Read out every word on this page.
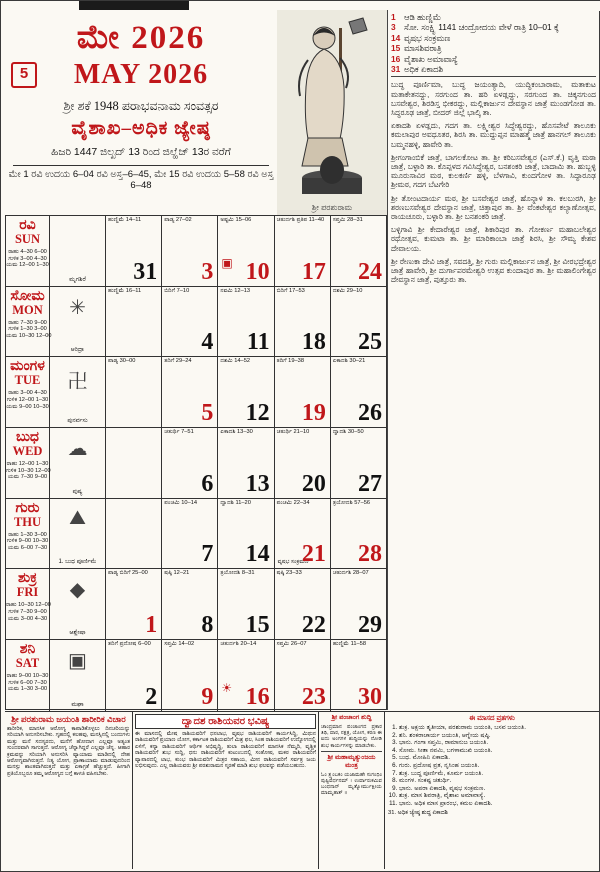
5
ಮೇ 2026
MAY 2026
ಶ್ರೀ ಶಕೆ 1948 ಪರಾಭವನಾಮ ಸಂವತ್ಸರ
ವೈಶಾಖ–ಅಧಿಕ ಜ್ಯೇಷ್ಠ
ಹಿಜರಿ 1447 ಜಿಲ್ಖದ್ 13 ರಿಂದ ಜಿಲ್ಹೆಜ್ 13ರ ವರೆಗೆ
ಮೇ 1 ರವಿ ಉದಯ 6–04 ರವಿ ಅಸ್ತ–6–45, ಮೇ 15 ರವಿ ಉದಯ 5–58 ರವಿ ಅಸ್ತ 6–48
ಶ್ರೀ ಪರಶುರಾಮ
1 ಆಡಿ ಹುಣ್ಣಿಮೆ
3 ಸೋ. ಸಂಕ್ಷ್ಟಿ 1141 ಚಂದ್ರೋದಯ ವೇಳೆ ರಾತ್ರಿ 10–01 ಕ್ಕೆ
14 ವೃಷಭ ಸಂಕ್ರಮಣ
15 ಮಾಸಶಿವರಾತ್ರಿ
16 ವೈಶಾಖ ಅಮಾವಾಸ್ಯೆ
31 ಅಧಿಕ ಏಕಾದಶಿ

ಬುದ್ಧ ಪೂರ್ಣಿಮಾ, ಬುದ್ಧ ಜಯಂತ್ಯಾದಿ, ಯುದ್ಧಿಕಂಬಾರಾಮ, ಮತಾಕುಟ ಮತಾಕೇತನದ್ದು, ಸರಗುಂದ ತಾ. ಹರಿ ಏಳಡ್ಲದ್ದು, ಸರಗುಂದ ತಾ. ಚಿಕ್ಕನಗುಂದ ಬಸವೇಶ್ವರ, ಶಿರಡಿಸ್ತ ಭೀಕರದ್ದು, ಮಲ್ಲಿಕಾರ್ಜುನ ದೇವಸ್ಥಾನ ಜಾತ್ರೆ ಮುಂಡಗೋಡ ತಾ. ಸಿದ್ಧರೂಢ ಜಾತ್ರೆ, ಬೀದರ್ ಜಿಲ್ಲೆ ಭಾಲ್ಕಿ ತಾ.

ಏಕಾದಶಿ ಏಳಡ್ಲದು, ಗದಗ ತಾ. ಲಕ್ಷ್ಮೀಶ್ವರ ಸಿದ್ಧೇಶ್ವರದ್ದು, ಹೊಸಪೇಟೆ ತಾಲೂಕು ಕಮಲಾಪುರ ಅವಧೂತರ, ಶಿರಸಿ ತಾ. ಮುದ್ದುಪ್ಪನ ಮಾಹತ್ಮೆ ಜಾತ್ರೆ ಹಾನಗಲ್ ತಾಲೂಕು ಬಮ್ಮನಹಳ್ಳಿ, ಹಾವೇರಿ ತಾ.

ಶ್ರೀಗಂಗಾಂಬಿಕೆ ಜಾತ್ರೆ, ಬಾಗಲಕೋಟ ತಾ. ಶ್ರೀ ಕರಿಬಸವೇಶ್ವರ (ಎಸ್.ಕೆ.) ವೃತ್ತಿ ಮಠಾ ಜಾತ್ರೆ, ಬಳ್ಳಾರಿ ತಾ. ಕೊಪ್ಪಳದ ಗವಿಸಿದ್ಧೇಶ್ವರ, ಬನಶಂಕರಿ ಜಾತ್ರೆ, ಬಾದಾಮಿ ತಾ. ಹುಬ್ಬಳ್ಳಿ ಮೂರುಸಾವಿರ ಮಠ, ಕುಲಕರ್ಣಿ ಹಳ್ಳಿ, ಬೆಳಗಾವಿ, ಕುಂದಗೋಳ ತಾ. ಸಿದ್ಧಾರೂಢ ಶ್ರೀಮಠ, ಗದಗ ಬೆಟಗೇರಿ

ಶ್ರೀ ತೋಂಟದಾರ್ಯ ಮಠ, ಶ್ರೀ ಬಸವೇಶ್ವರ ಜಾತ್ರೆ, ಹೊನ್ನಾಳಿ ತಾ. ಕಲಬುರಗಿ, ಶ್ರೀ ಶರಣಬಸವೇಶ್ವರ ದೇವಸ್ಥಾನ ಜಾತ್ರೆ, ಚಿತ್ತಾಪುರ ತಾ. ಶ್ರೀ ವೆಂಕಟೇಶ್ವರ ಕಲ್ಯಾಣೋತ್ಸವ, ರಾಯಚೂರು, ಬಳ್ಳಾರಿ ತಾ. ಶ್ರೀ ಬನಶಂಕರಿ ಜಾತ್ರೆ.

ಬಳ್ಳಿಗಾವಿ ಶ್ರೀ ಕೇದಾರೇಶ್ವರ ಜಾತ್ರೆ, ಶಿಕಾರಿಪುರ ತಾ. ಗೋಕರ್ಣ ಮಹಾಬಲೇಶ್ವರ ರಥೋತ್ಸವ, ಕುಮಟಾ ತಾ. ಶ್ರೀ ಮಾರಿಕಾಂಬಾ ಜಾತ್ರೆ ಶಿರಸಿ, ಶ್ರೀ ಸೌಮ್ಯ ಕೇಶವ ದೇವಾಲಯ.

ಶ್ರೀ ರೇಣುಕಾ ದೇವಿ ಜಾತ್ರೆ, ಸವದತ್ತಿ, ಶ್ರೀ ಗುರು ಮಲ್ಲಿಕಾರ್ಜುನ ಜಾತ್ರೆ, ಶ್ರೀ ವೀರಭದ್ರೇಶ್ವರ ಜಾತ್ರೆ ಹಾವೇರಿ, ಶ್ರೀ ದುರ್ಗಾಪರಮೇಶ್ವರಿ ಉತ್ಸವ ಕುಂದಾಪುರ ತಾ. ಶ್ರೀ ಮಹಾಲಿಂಗೇಶ್ವರ ದೇವಸ್ಥಾನ ಜಾತ್ರೆ, ಪುತ್ತೂರು ತಾ.

ರವಿ
SUN
ರಾಹು 4–30 6–00
ಗುಳಿಕ 3–00 4–30
ಯಮ 12–00 1–30
ಮೃಗಶಿರೆ
ಹುಣ್ಣಿಮೆ 14–11
31
ಪಾಡ್ಯ 27–02
3
ಅಷ್ಟಮಿ 15–06
▣ 10
ಚತುರ್ದಶಿ ಪ್ರತಿಪ 11–40
17
ಸಪ್ತಮಿ 28–31
24
ಸೋಮ
MON
ರಾಹು 7–30 9–00
ಗುಳಿಕ 1–30 3–00
ಯಮ 10–30 12–00
✳
ಆರಿದ್ರಾ
ಹುಣ್ಣಿಮೆ 16–11	ಬಿದಿಗೆ 7–10
4
ನವಮಿ 12–13
11
ಬಿದಿಗೆ 17–53
18
ದಶಮಿ 29–10
25
ಮಂಗಳ
TUE
ರಾಹು 3–00 4–30
ಗುಳಿಕ 12–00 1–30
ಯಮ 9–00 10–30
卍
ಪುನರ್ವಸು
ಪಾಡ್ಯ 30–00	ತದಿಗೆ 29–24
5
ದಶಮಿ 14–52
12
ತದಿಗೆ 19–38
19
ಏಕಾದಶಿ 30–21
26
ಬುಧ
WED
ರಾಹು 12–00 1–30
ಗುಳಿಕ 10–30 12–00
ಯಮ 7–30 9–00
☁
ಪುಷ್ಯ
ಚತುರ್ಥಿ 7–51
6
ಏಕಾದಶಿ 13–30
13
ಚತುರ್ಥಿ 21–10
20
ದ್ವಾದಶಿ 30–50
27
ಗುರು
THU
ರಾಹು 1–30 3–00
ಗುಳಿಕ 9–00 10–30
ಯಮ 6–00 7–30
⛰
1. ಬುಧ ಪೂರ್ಣಿಮೆ
ಪಂಚಮಿ 10–14
7
ದ್ವಾದಶಿ 11–20
14
ಪಂಚಮಿ 22–34
ವೃಷಭ ಸಂಕ್ರಮಣ
21
ತ್ರಯೋದಶಿ 57–56
28
ಶುಕ್ರ
FRI
ರಾಹು 10–30 12–00
ಗುಳಿಕ 7–30 9–00
ಯಮ 3–00 4–30
◆
ಆಶ್ಲೇಷಾ
ಪಾಡ್ಯ ಬಿದಿಗೆ 25–00
1
ಷಷ್ಠಿ 12–21
8
ತ್ರಯೋದಶಿ 8–31
15
ಷಷ್ಠಿ 23–33
22
ಚತುರ್ದಶಿ 28–07
29
ಶನಿ
SAT
ರಾಹು 9–00 10–30
ಗುಳಿಕ 6–00 7–30
ಯಮ 1–30 3–00
▣
ಮಘಾ
ತದಿಗೆ ಪ್ರದೋಷ 6–00
2
ಸಪ್ತಮಿ 14–02
9
ಚತುರ್ದಶಿ 20–14
☀ 16
ಸಪ್ತಮಿ 26–07
23
ಹುಣ್ಣಿಮೆ 11–58
30
ಶ್ರೀ ಪರಶುರಾಮ ಜಯಂತಿ ಶಾರೀರಿಕ ವಿಚಾರ
ಶಾರೀರಿಕ, ಮಾನಸಿಕ ಆರೋಗ್ಯ ಕಾಪಾಡಿಕೊಳ್ಳಲು ದಿನಚರಿಯನ್ನು ಸರಿಯಾಗಿ ಅನುಸರಿಸಬೇಕು. ಗೃಹದಲ್ಲಿ ಕಲಹವು, ಮನಸ್ಸಿನಲ್ಲಿ ಬಂದುಗಳು ಮತ್ತು ಮನೆ ಸದಸ್ಯರದು, ಮನೆಗೆ ಹೋದಾಗ ಎಲ್ಲವೂ ಅತ್ಯಂತ ಸುಂದರವಾಗಿ ಸಾಗುತ್ತದೆ. ಆರೋಗ್ಯ ಚೆನ್ನಾಗಿದ್ದರೆ ಎಲ್ಲವೂ ಚೆನ್ನ. ಆಹಾರ ಕ್ರಮವನ್ನು ಸರಿಯಾಗಿ ಅನುಸರಿಸಿ ವ್ಯಾಯಾಮ ಮಾಡಿದಲ್ಲಿ ದೇಹ ಆರೋಗ್ಯವಾಗಿರುತ್ತದೆ. ನಿತ್ಯ ಯೋಗ, ಪ್ರಾಣಾಯಾಮ ಮಾಡುವುದರಿಂದ ಮನಸ್ಸು ಶಾಂತವಾಗಿರುತ್ತದೆ ಮತ್ತು ಏಕಾಗ್ರತೆ ಹೆಚ್ಚುತ್ತದೆ. ಹೀಗಾಗಿ ಪ್ರತಿಯೊಬ್ಬರೂ ತಮ್ಮ ಆರೋಗ್ಯದ ಬಗ್ಗೆ ಕಾಳಜಿ ವಹಿಸಬೇಕು.
ದ್ವಾದಶ ರಾಶಿಯವರ ಭವಿಷ್ಯ
ಈ ಮಾಸದಲ್ಲಿ ಮೇಷ ರಾಶಿಯವರಿಗೆ ಧನಲಾಭ, ವೃಷಭ ರಾಶಿಯವರಿಗೆ ಕಾರ್ಯಸಿದ್ಧಿ, ಮಿಥುನ ರಾಶಿಯವರಿಗೆ ಪ್ರಯಾಣ ಯೋಗ, ಕರ್ಕಾಟಕ ರಾಶಿಯವರಿಗೆ ಮಿಶ್ರ ಫಲ, ಸಿಂಹ ರಾಶಿಯವರಿಗೆ ಉದ್ಯೋಗದಲ್ಲಿ ಏಳಿಗೆ, ಕನ್ಯಾ ರಾಶಿಯವರಿಗೆ ಆರ್ಥಿಕ ಅಭಿವೃದ್ಧಿ, ತುಲಾ ರಾಶಿಯವರಿಗೆ ಮಾನಸಿಕ ನೆಮ್ಮದಿ, ವೃಶ್ಚಿಕ ರಾಶಿಯವರಿಗೆ ಶುಭ ಸುದ್ದಿ, ಧನು ರಾಶಿಯವರಿಗೆ ಕುಟುಂಬದಲ್ಲಿ ಸಂತೋಷ, ಮಕರ ರಾಶಿಯವರಿಗೆ ವ್ಯಾಪಾರದಲ್ಲಿ ಲಾಭ, ಕುಂಭ ರಾಶಿಯವರಿಗೆ ಮಿತ್ರರ ಸಹಾಯ, ಮೀನ ರಾಶಿಯವರಿಗೆ ಸರ್ವತ್ರ ಜಯ ಲಭಿಸುವುದು. ಎಲ್ಲ ರಾಶಿಯವರು ಶ್ರೀ ಪರಶುರಾಮನ ಸ್ಮರಣೆ ಮಾಡಿ ಶುಭ ಫಲವನ್ನು ಪಡೆಯಬಹುದು.
ಶ್ರೀ ಪಂಚಾಂಗ ಶುದ್ಧಿ
ಚಾಂದ್ರಮಾನ ಪಂಚಾಂಗದ ಪ್ರಕಾರ ತಿಥಿ, ವಾರ, ನಕ್ಷತ್ರ, ಯೋಗ, ಕರಣ ಈ ಐದು ಅಂಗಗಳ ಶುದ್ಧಿಯನ್ನು ನೋಡಿ ಶುಭ ಕಾರ್ಯಗಳನ್ನು ಮಾಡಬೇಕು.
ಶ್ರೀ ಮಹಾಮೃತ್ಯುಂಜಯ ಮಂತ್ರ
ಓಂ ತ್ರ್ಯಂಬಕಂ ಯಜಾಮಹೇ ಸುಗಂಧಿಂ ಪುಷ್ಟಿವರ್ಧನಮ್ । ಉರ್ವಾರುಕಮಿವ ಬಂಧನಾನ್ ಮೃತ್ಯೋರ್ಮುಕ್ಷೀಯ ಮಾಮೃತಾತ್ ॥
ಈ ಮಾಸದ ವ್ರತಗಳು
1. ಶುಕ್ರ. ಅಕ್ಷಯ ತೃತೀಯಾ, ಪರಶುರಾಮ ಜಯಂತಿ, ಬಸವ ಜಯಂತಿ.
2. ಶನಿ. ಶಂಕರಾಚಾರ್ಯ ಜಯಂತಿ, ಆಗ್ನೇಯ ಷಷ್ಠಿ.
3. ಭಾನು. ಗಂಗಾ ಸಪ್ತಮಿ, ರಾಮಾನುಜ ಜಯಂತಿ.
4. ಸೋಮ. ಸೀತಾ ನವಮಿ, ಬಗಳಾಮುಖಿ ಜಯಂತಿ.
5. ಬುಧ. ಮೋಹಿನಿ ಏಕಾದಶಿ.
6. ಗುರು. ಪ್ರದೋಷ ವ್ರತ, ನೃಸಿಂಹ ಜಯಂತಿ.
7. ಶುಕ್ರ. ಬುದ್ಧ ಪೂರ್ಣಿಮೆ, ಕೂರ್ಮ ಜಯಂತಿ.
8. ಮಂಗಳ. ಸಂಕಷ್ಟ ಚತುರ್ಥಿ.
9. ಭಾನು. ಅಪರಾ ಏಕಾದಶಿ, ವೃಷಭ ಸಂಕ್ರಮಣ.
10. ಶುಕ್ರ. ಮಾಸ ಶಿವರಾತ್ರಿ, ವೈಶಾಖ ಅಮಾವಾಸ್ಯೆ.
11. ಭಾನು. ಅಧಿಕ ಮಾಸ ಪ್ರಾರಂಭ, ಕಮಲ ಏಕಾದಶಿ.
31. ಅಧಿಕ ಜ್ಯೇಷ್ಠ ಶುದ್ಧ ಏಕಾದಶಿ
